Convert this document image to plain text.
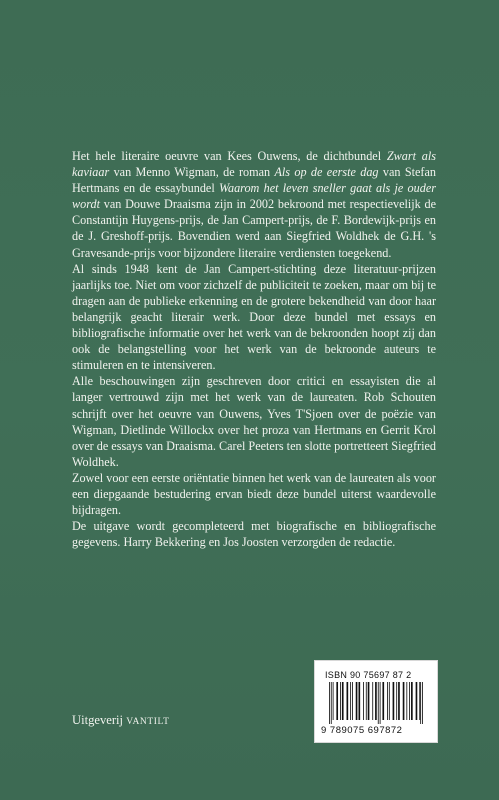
Het hele literaire oeuvre van Kees Ouwens, de dichtbundel Zwart als kaviaar van Menno Wigman, de roman Als op de eerste dag van Stefan Hertmans en de essaybundel Waarom het leven sneller gaat als je ouder wordt van Douwe Draaisma zijn in 2002 bekroond met respectievelijk de Constantijn Huygens-prijs, de Jan Campert-prijs, de F. Bordewijk-prijs en de J. Greshoff-prijs. Bovendien werd aan Siegfried Woldhek de G.H. 's Gravesande-prijs voor bijzondere literaire verdiensten toegekend.

Al sinds 1948 kent de Jan Campert-stichting deze literatuur-prijzen jaarlijks toe. Niet om voor zichzelf de publiciteit te zoeken, maar om bij te dragen aan de publieke erkenning en de grotere bekendheid van door haar belangrijk geacht literair werk. Door deze bundel met essays en bibliografische informatie over het werk van de bekroonden hoopt zij dan ook de belangstelling voor het werk van de bekroonde auteurs te stimuleren en te intensiveren.

Alle beschouwingen zijn geschreven door critici en essayisten die al langer vertrouwd zijn met het werk van de laureaten. Rob Schouten schrijft over het oeuvre van Ouwens, Yves T'Sjoen over de poëzie van Wigman, Dietlinde Willockx over het proza van Hertmans en Gerrit Krol over de essays van Draaisma. Carel Peeters ten slotte portretteert Siegfried Woldhek.

Zowel voor een eerste oriëntatie binnen het werk van de laureaten als voor een diepgaande bestudering ervan biedt deze bundel uiterst waardevolle bijdragen.

De uitgave wordt gecompleteerd met biografische en bibliografische gegevens. Harry Bekkering en Jos Joosten verzorgden de redactie.

Uitgeverij VANTILT
ISBN 90 75697 87 2
9 789075 697872
